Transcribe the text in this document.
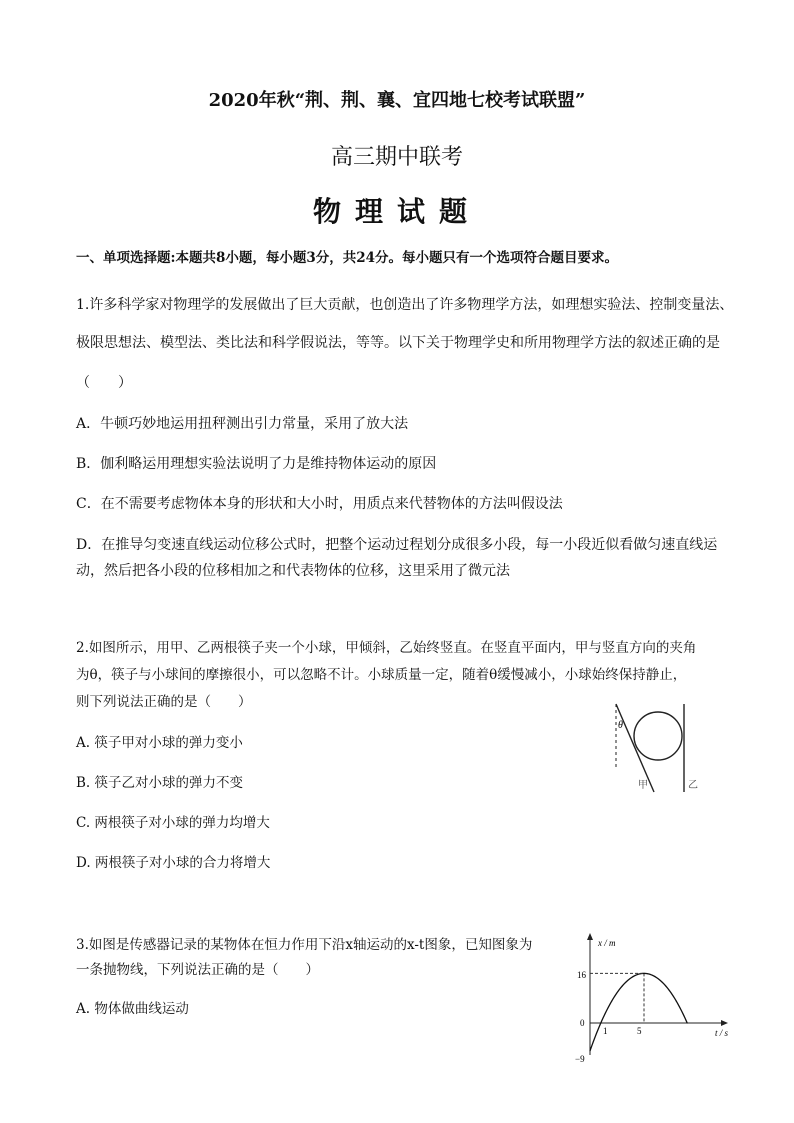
2020年秋“荆、荆、襄、宜四地七校考试联盟”
高三期中联考
物理试题
一、单项选择题:本题共8小题，每小题3分，共24分。每小题只有一个选项符合题目要求。
1.许多科学家对物理学的发展做出了巨大贡献，也创造出了许多物理学方法，如理想实验法、控制变量法、
极限思想法、模型法、类比法和科学假说法，等等。以下关于物理学史和所用物理学方法的叙述正确的是
（　　）
A．牛顿巧妙地运用扭秤测出引力常量，采用了放大法
B．伽利略运用理想实验法说明了力是维持物体运动的原因
C．在不需要考虑物体本身的形状和大小时，用质点来代替物体的方法叫假设法
D．在推导匀变速直线运动位移公式时，把整个运动过程划分成很多小段，每一小段近似看做匀速直线运
动，然后把各小段的位移相加之和代表物体的位移，这里采用了微元法
2.如图所示，用甲、乙两根筷子夹一个小球，甲倾斜，乙始终竖直。在竖直平面内，甲与竖直方向的夹角
为θ，筷子与小球间的摩擦很小，可以忽略不计。小球质量一定，随着θ缓慢减小，小球始终保持静止，
则下列说法正确的是（　　）
A. 筷子甲对小球的弹力变小
B. 筷子乙对小球的弹力不变
C. 两根筷子对小球的弹力均增大
D. 两根筷子对小球的合力将增大
θ
甲	乙
3.如图是传感器记录的某物体在恒力作用下沿x轴运动的x-t图象，已知图象为
一条抛物线，下列说法正确的是（　　）
A. 物体做曲线运动
x / m
t / s
16
0
−9
1	5
